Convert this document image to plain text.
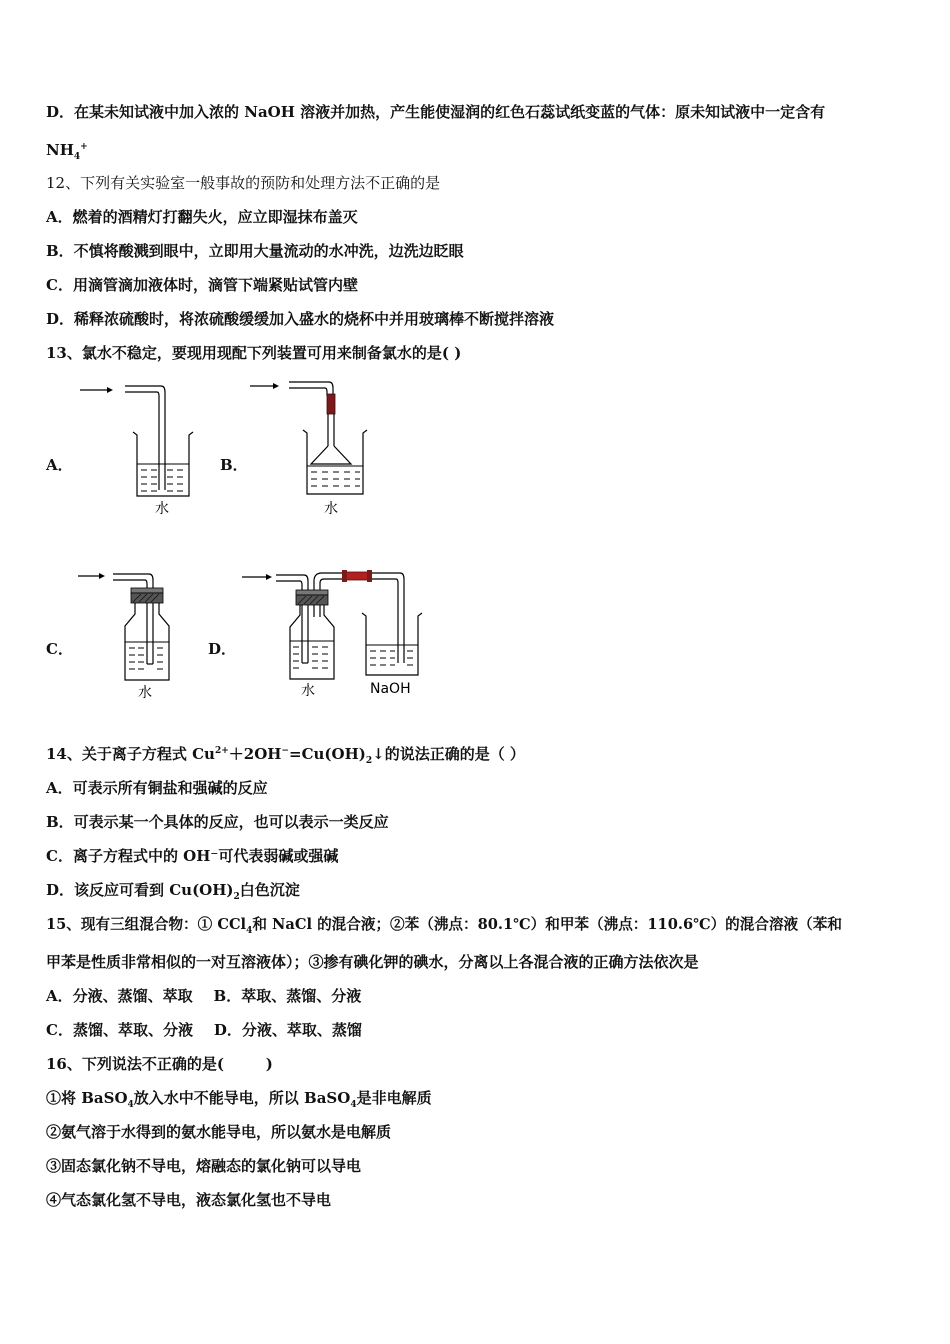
D．在某未知试液中加入浓的 NaOH 溶液并加热，产生能使湿润的红色石蕊试纸变蓝的气体：原未知试液中一定含有
$NH_4^+$
12、下列有关实验室一般事故的预防和处理方法不正确的是
A．燃着的酒精灯打翻失火，应立即湿抹布盖灭
B．不慎将酸溅到眼中，立即用大量流动的水冲洗，边洗边眨眼
C．用滴管滴加液体时，滴管下端紧贴试管内壁
D．稀释浓硫酸时，将浓硫酸缓缓加入盛水的烧杯中并用玻璃棒不断搅拌溶液
13、氯水不稳定，要现用现配下列装置可用来制备氯水的是( )
A．	B．
C．	D．
水	水
水	水	NaOH
14、关于离子方程式 $Cu^{2+}+2OH^-=Cu(OH)_2↓$的说法正确的是（ ）
A．可表示所有铜盐和强碱的反应
B．可表示某一个具体的反应，也可以表示一类反应
C．离子方程式中的 OH⁻可代表弱碱或强碱
D．该反应可看到 $Cu(OH)_2$白色沉淀
15、现有三组混合物：① CCl$_4$和 NaCl 的混合液；②苯（沸点：80.1℃）和甲苯（沸点：110.6℃）的混合溶液（苯和
甲苯是性质非常相似的一对互溶液体）；③掺有碘化钾的碘水，分离以上各混合液的正确方法依次是
A．分液、蒸馏、萃取    B．萃取、蒸馏、分液
C．蒸馏、萃取、分液    D．分液、萃取、蒸馏
16、下列说法不正确的是(        )
①将 BaSO$_4$放入水中不能导电，所以 BaSO$_4$是非电解质
②氨气溶于水得到的氨水能导电，所以氨水是电解质
③固态氯化钠不导电，熔融态的氯化钠可以导电
④气态氯化氢不导电，液态氯化氢也不导电
